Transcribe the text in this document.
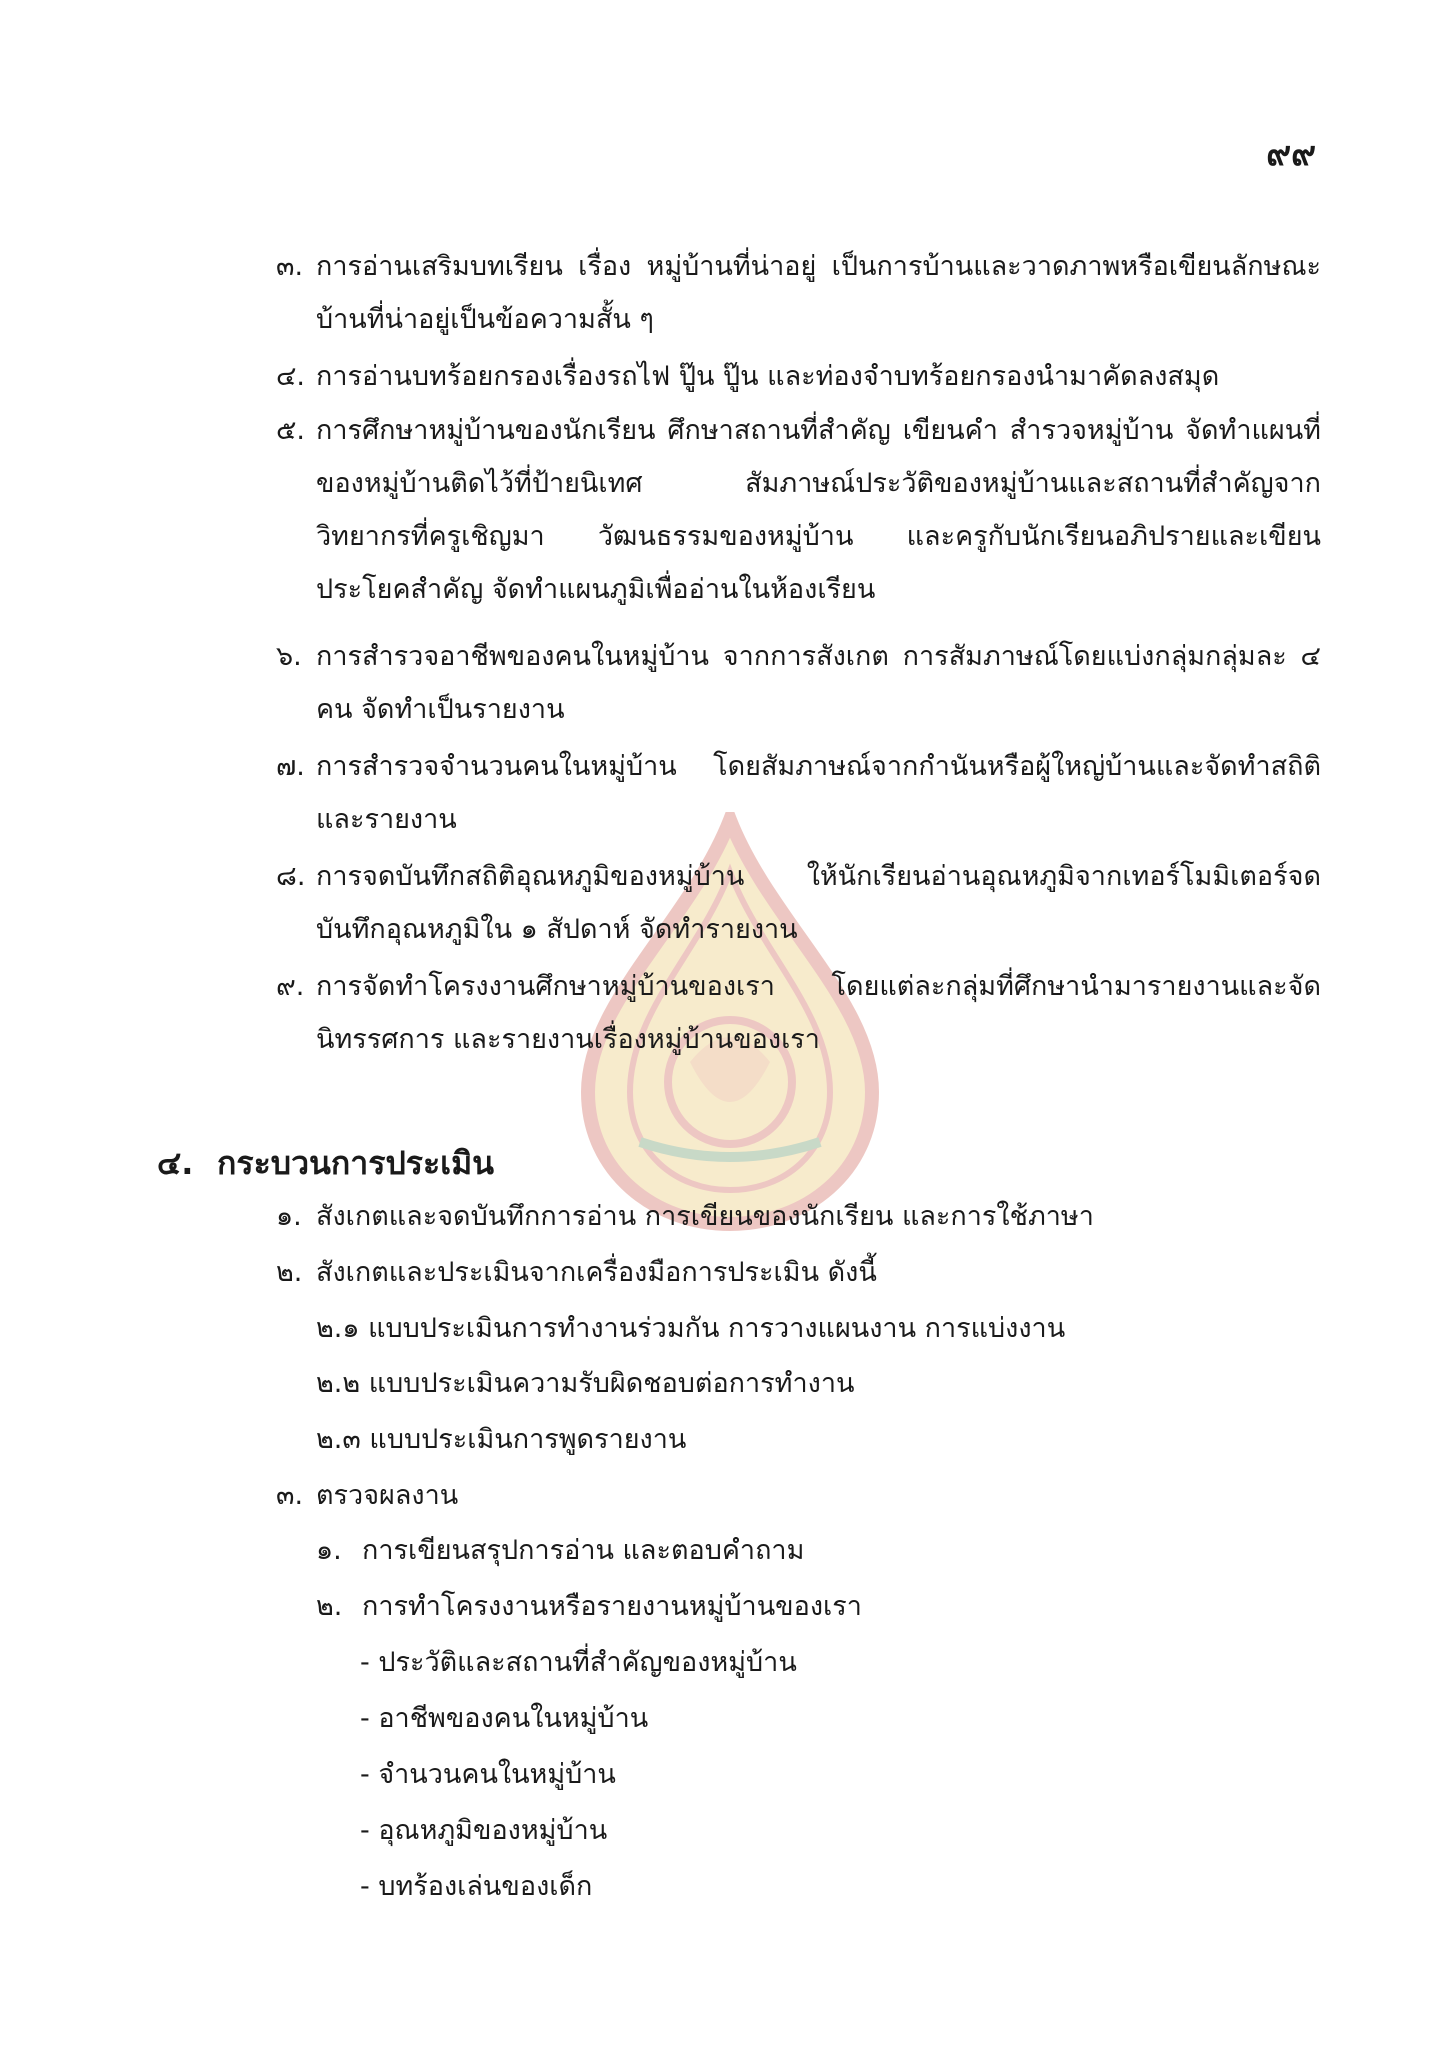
๙๙
๓. การอ่านเสริมบทเรียน เรื่อง หมู่บ้านที่น่าอยู่ เป็นการบ้านและวาดภาพหรือเขียนลักษณะบ้านที่น่าอยู่เป็นข้อความสั้น ๆ
๔. การอ่านบทร้อยกรองเรื่องรถไฟ ปู๊น ปู๊น และท่องจำบทร้อยกรองนำมาคัดลงสมุด
๕. การศึกษาหมู่บ้านของนักเรียน ศึกษาสถานที่สำคัญ เขียนคำ สำรวจหมู่บ้าน จัดทำแผนที่ของหมู่บ้านติดไว้ที่ป้ายนิเทศ สัมภาษณ์ประวัติของหมู่บ้านและสถานที่สำคัญจากวิทยากรที่ครูเชิญมา วัฒนธรรมของหมู่บ้าน และครูกับนักเรียนอภิปรายและเขียนประโยคสำคัญ จัดทำแผนภูมิเพื่ออ่านในห้องเรียน
๖. การสำรวจอาชีพของคนในหมู่บ้าน จากการสังเกต การสัมภาษณ์โดยแบ่งกลุ่มกลุ่มละ ๔ คน จัดทำเป็นรายงาน
๗. การสำรวจจำนวนคนในหมู่บ้าน โดยสัมภาษณ์จากกำนันหรือผู้ใหญ่บ้านและจัดทำสถิติและรายงาน
๘. การจดบันทึกสถิติอุณหภูมิของหมู่บ้าน ให้นักเรียนอ่านอุณหภูมิจากเทอร์โมมิเตอร์จดบันทึกอุณหภูมิใน ๑ สัปดาห์ จัดทำรายงาน
๙. การจัดทำโครงงานศึกษาหมู่บ้านของเรา โดยแต่ละกลุ่มที่ศึกษานำมารายงานและจัดนิทรรศการ และรายงานเรื่องหมู่บ้านของเรา
๔. กระบวนการประเมิน
๑. สังเกตและจดบันทึกการอ่าน การเขียนของนักเรียน และการใช้ภาษา
๒. สังเกตและประเมินจากเครื่องมือการประเมิน ดังนี้
๒.๑ แบบประเมินการทำงานร่วมกัน การวางแผนงาน การแบ่งงาน
๒.๒ แบบประเมินความรับผิดชอบต่อการทำงาน
๒.๓ แบบประเมินการพูดรายงาน
๓. ตรวจผลงาน
๑. การเขียนสรุปการอ่าน และตอบคำถาม
๒. การทำโครงงานหรือรายงานหมู่บ้านของเรา
- ประวัติและสถานที่สำคัญของหมู่บ้าน
- อาชีพของคนในหมู่บ้าน
- จำนวนคนในหมู่บ้าน
- อุณหภูมิของหมู่บ้าน
- บทร้องเล่นของเด็ก
